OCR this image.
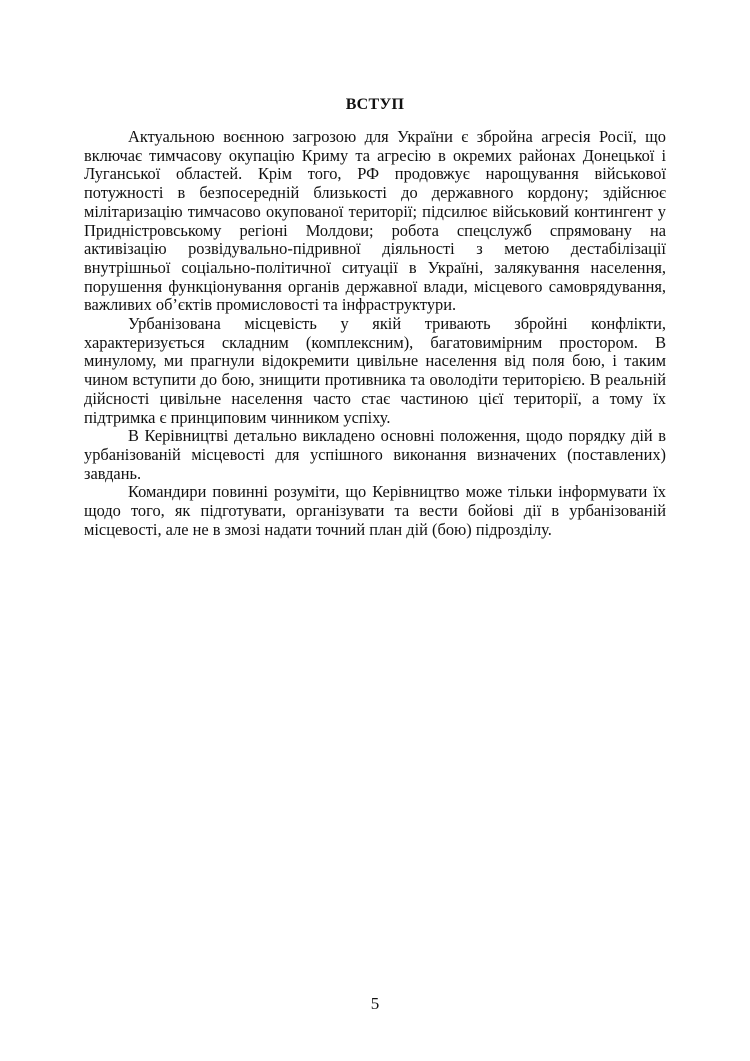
ВСТУП

Актуальною воєнною загрозою для України є збройна агресія Росії, що включає тимчасову окупацію Криму та агресію в окремих районах Донецької і Луганської областей. Крім того, РФ продовжує нарощування військової потужності в безпосередній близькості до державного кордону; здійснює мілітаризацію тимчасово окупованої території; підсилює військовий контингент у Придністровському регіоні Молдови; робота спецслужб спрямовану на активізацію розвідувально-підривної діяльності з метою дестабілізації внутрішньої соціально-політичної ситуації в Україні, залякування населення, порушення функціонування органів державної влади, місцевого самоврядування, важливих об’єктів промисловості та інфраструктури.

Урбанізована місцевість у якій тривають збройні конфлікти, характеризується складним (комплексним), багатовимірним простором. В минулому, ми прагнули відокремити цивільне населення від поля бою, і таким чином вступити до бою, знищити противника та оволодіти територією. В реальній дійсності цивільне населення часто стає частиною цієї території, а тому їх підтримка є принциповим чинником успіху.

В Керівництві детально викладено основні положення, щодо порядку дій в урбанізованій місцевості для успішного виконання визначених (поставлених) завдань.

Командири повинні розуміти, що Керівництво може тільки інформувати їх щодо того, як підготувати, організувати та вести бойові дії в урбанізованій місцевості, але не в змозі надати точний план дій (бою) підрозділу.

5
